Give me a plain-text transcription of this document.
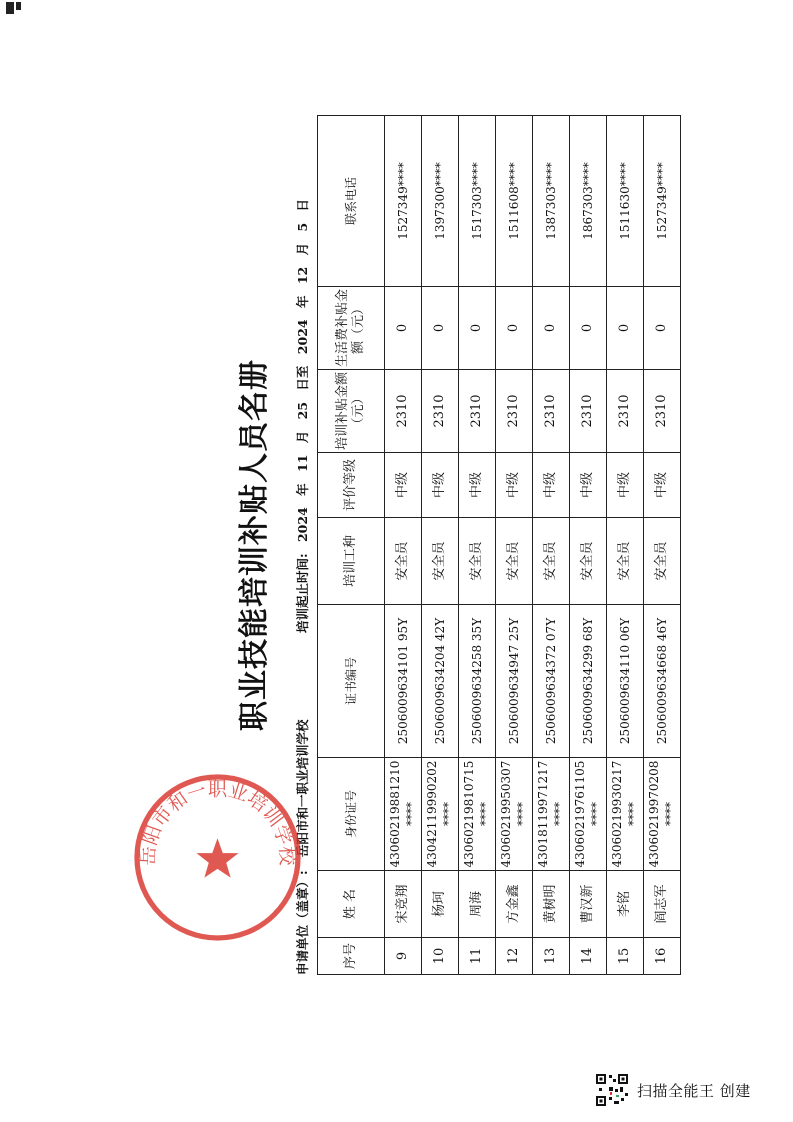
职业技能培训补贴人员名册
申请单位（盖章）:
岳阳市和一职业培训学校
培训起止时间: 2024 年 11 月 25 日至 2024 年 12 月 5 日
序号	姓 名	身份证号	证书编号	培训工种	评价等级	培训补贴金额（元）	生活费补贴金额（元）	联系电话
9	宋竞翔	43060219881210****	2506009634101 95Y	安全员	中级	2310	0	1527349****
10	杨珂	43042119990202****	2506009634204 42Y	安全员	中级	2310	0	1397300****
11	周海	43060219810715****	2506009634258 35Y	安全员	中级	2310	0	1517303****
12	方金鑫	43060219950307****	2506009634947 25Y	安全员	中级	2310	0	1511608****
13	黄树明	43018119971217****	2506009634372 07Y	安全员	中级	2310	0	1387303****
14	曹汉新	43060219761105****	2506009634299 68Y	安全员	中级	2310	0	1867303****
15	李铭	43060219930217****	2506009634110 06Y	安全员	中级	2310	0	1511630****
16	阎志军	43060219970208****	2506009634668 46Y	安全员	中级	2310	0	1527349****
岳阳市和一职业培训学校
扫描全能王 创建
